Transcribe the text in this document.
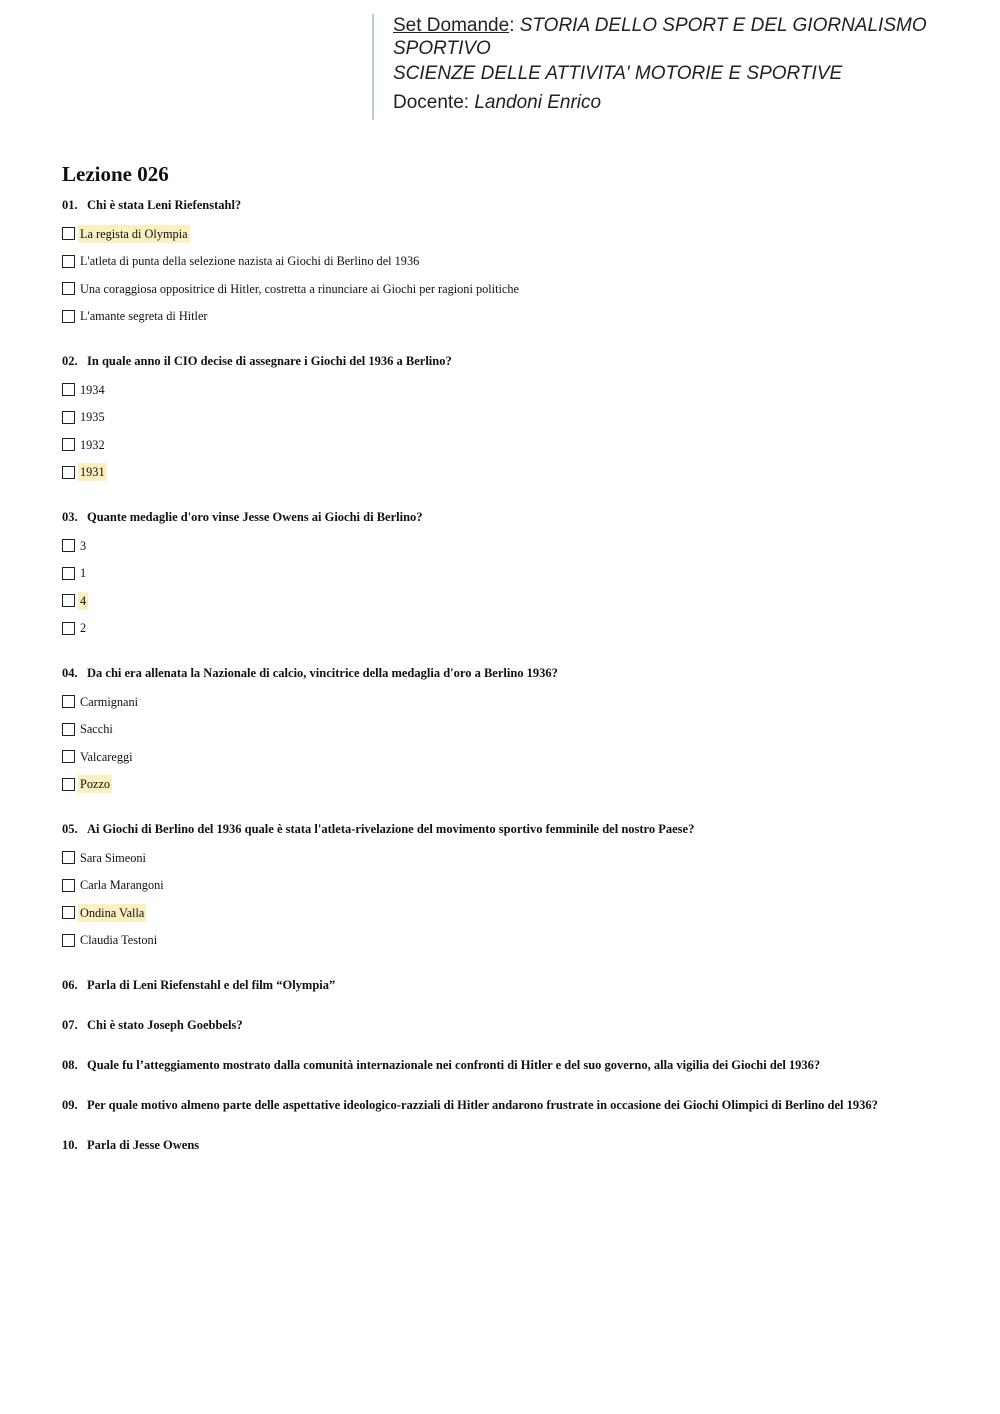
Set Domande: STORIA DELLO SPORT E DEL GIORNALISMO
SPORTIVO
SCIENZE DELLE ATTIVITA' MOTORIE E SPORTIVE
Docente: Landoni Enrico
Lezione 026
01. Chi è stata Leni Riefenstahl?
La regista di Olympia
L'atleta di punta della selezione nazista ai Giochi di Berlino del 1936
Una coraggiosa oppositrice di Hitler, costretta a rinunciare ai Giochi per ragioni politiche
L'amante segreta di Hitler
02. In quale anno il CIO decise di assegnare i Giochi del 1936 a Berlino?
1934
1935
1932
1931
03. Quante medaglie d'oro vinse Jesse Owens ai Giochi di Berlino?
3
1
4
2
04. Da chi era allenata la Nazionale di calcio, vincitrice della medaglia d'oro a Berlino 1936?
Carmignani
Sacchi
Valcareggi
Pozzo
05. Ai Giochi di Berlino del 1936 quale è stata l'atleta-rivelazione del movimento sportivo femminile del nostro Paese?
Sara Simeoni
Carla Marangoni
Ondina Valla
Claudia Testoni
06. Parla di Leni Riefenstahl e del film “Olympia”
07. Chi è stato Joseph Goebbels?
08. Quale fu l’atteggiamento mostrato dalla comunità internazionale nei confronti di Hitler e del suo governo, alla vigilia dei Giochi del 1936?
09. Per quale motivo almeno parte delle aspettative ideologico-razziali di Hitler andarono frustrate in occasione dei Giochi Olimpici di Berlino del 1936?
10. Parla di Jesse Owens
